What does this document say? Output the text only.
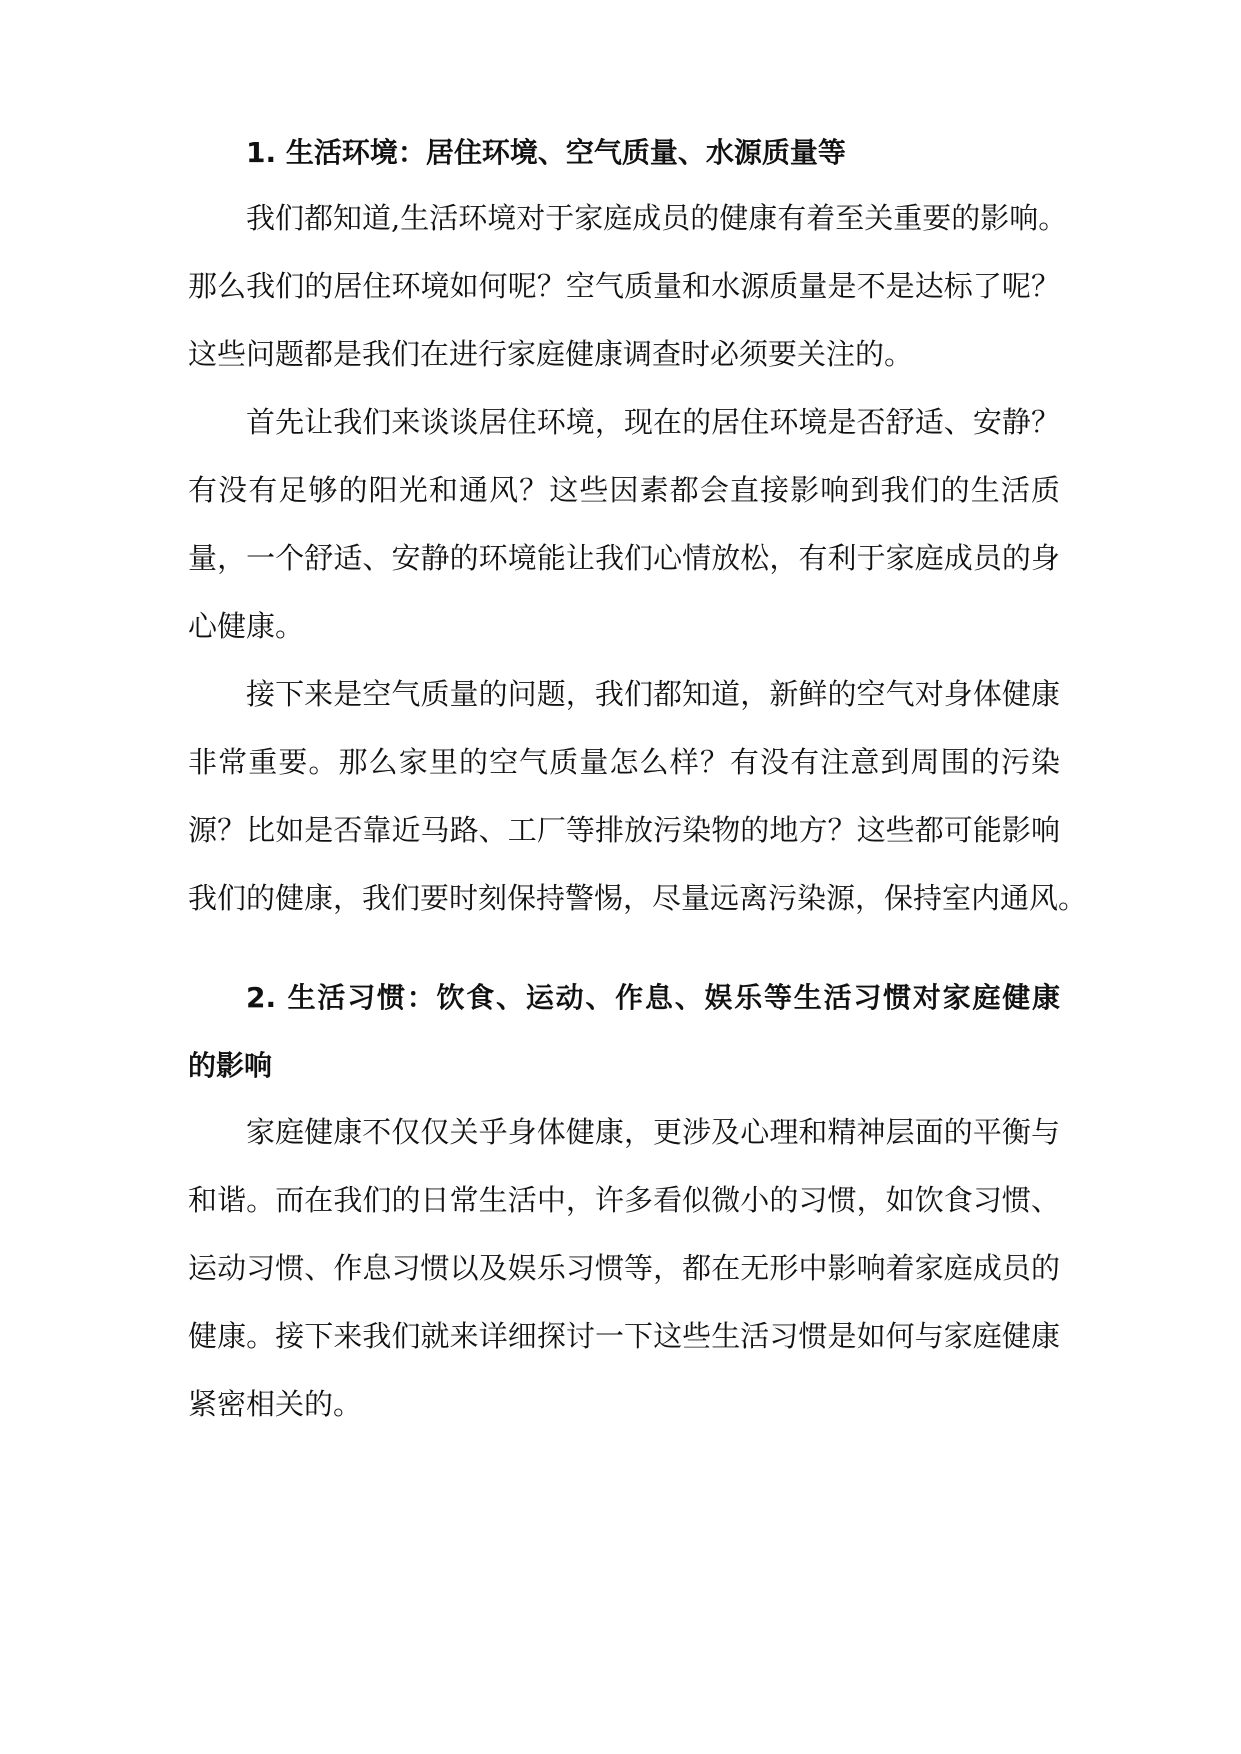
1. 生活环境：居住环境、空气质量、水源质量等
我们都知道,生活环境对于家庭成员的健康有着至关重要的影响。
那么我们的居住环境如何呢？空气质量和水源质量是不是达标了呢？
这些问题都是我们在进行家庭健康调查时必须要关注的。
首先让我们来谈谈居住环境，现在的居住环境是否舒适、安静？
有没有足够的阳光和通风？这些因素都会直接影响到我们的生活质
量，一个舒适、安静的环境能让我们心情放松，有利于家庭成员的身
心健康。
接下来是空气质量的问题，我们都知道，新鲜的空气对身体健康
非常重要。那么家里的空气质量怎么样？有没有注意到周围的污染
源？比如是否靠近马路、工厂等排放污染物的地方？这些都可能影响
我们的健康，我们要时刻保持警惕，尽量远离污染源，保持室内通风。
2. 生活习惯：饮食、运动、作息、娱乐等生活习惯对家庭健康
的影响
家庭健康不仅仅关乎身体健康，更涉及心理和精神层面的平衡与
和谐。而在我们的日常生活中，许多看似微小的习惯，如饮食习惯、
运动习惯、作息习惯以及娱乐习惯等，都在无形中影响着家庭成员的
健康。接下来我们就来详细探讨一下这些生活习惯是如何与家庭健康
紧密相关的。
